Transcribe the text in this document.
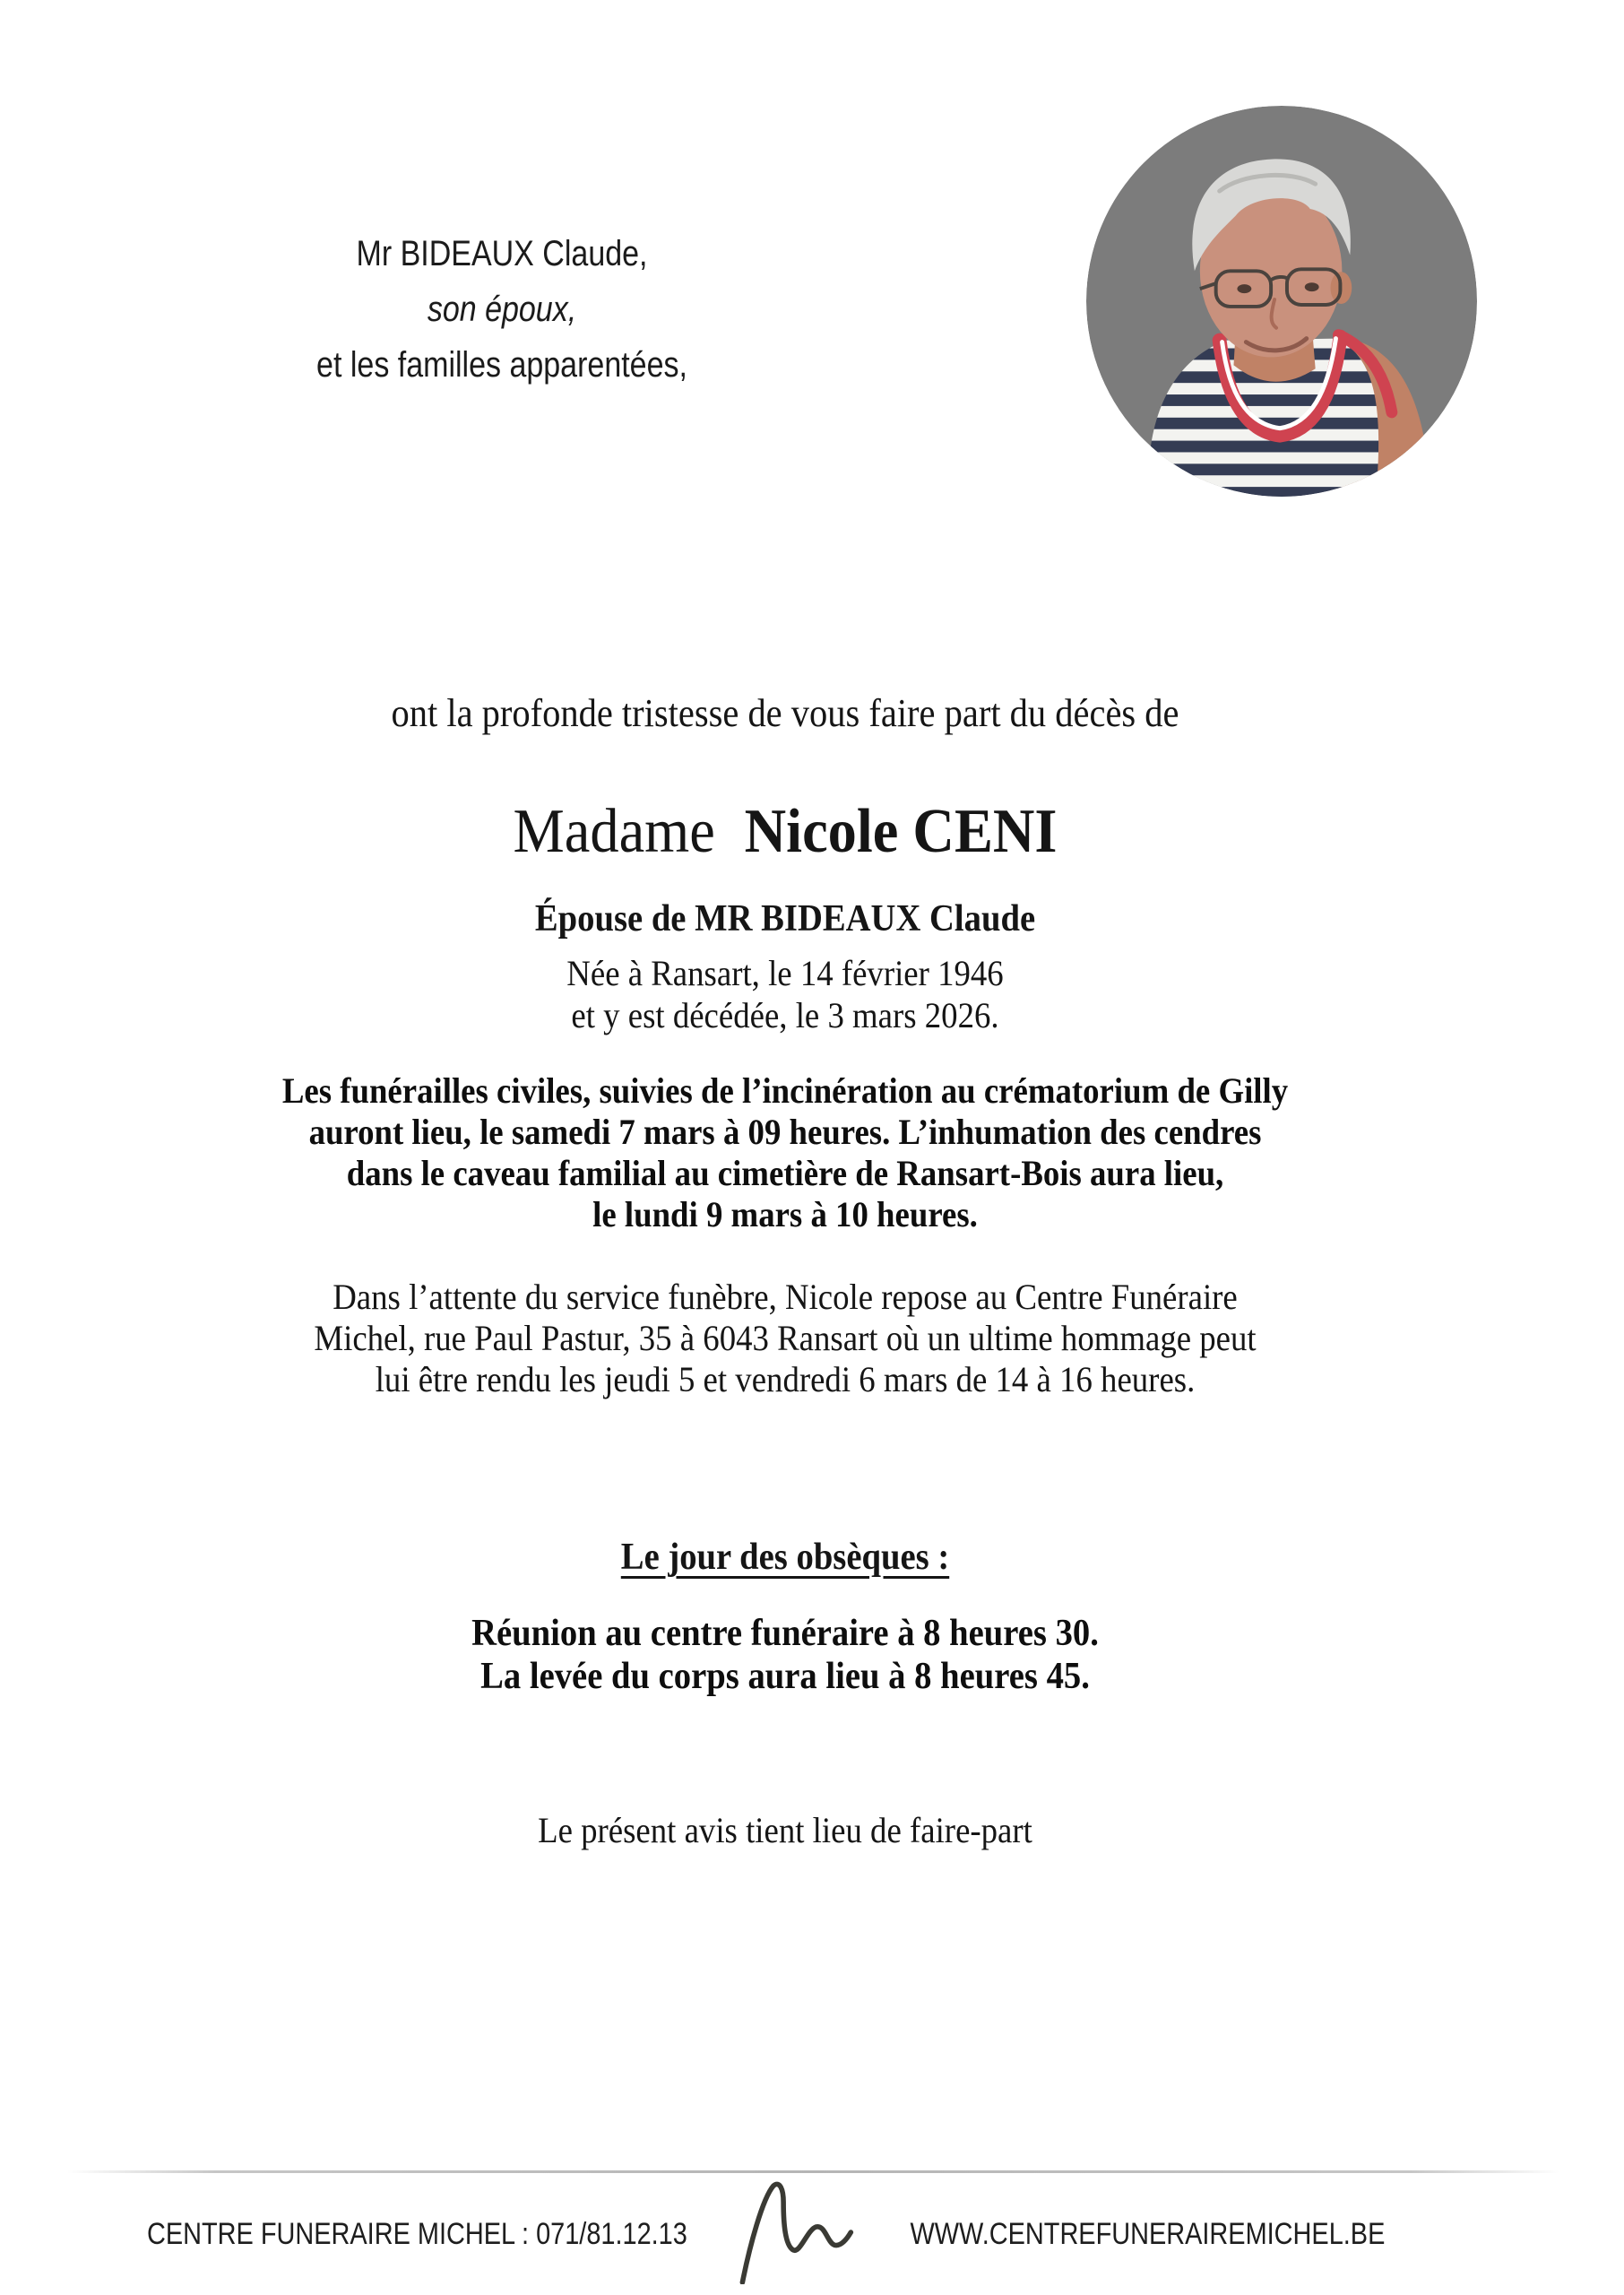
Mr BIDEAUX Claude,
son époux,
et les familles apparentées,
ont la profonde tristesse de vous faire part du décès de
Madame Nicole CENI
Épouse de MR BIDEAUX Claude
Née à Ransart, le 14 février 1946
et y est décédée, le 3 mars 2026.
Les funérailles civiles, suivies de l’incinération au crématorium de Gilly
auront lieu, le samedi 7 mars à 09 heures. L’inhumation des cendres
dans le caveau familial au cimetière de Ransart-Bois aura lieu,
le lundi 9 mars à 10 heures.
Dans l’attente du service funèbre, Nicole repose au Centre Funéraire
Michel, rue Paul Pastur, 35 à 6043 Ransart où un ultime hommage peut
lui être rendu les jeudi 5 et vendredi 6 mars de 14 à 16 heures.
Le jour des obsèques :
Réunion au centre funéraire à 8 heures 30.
La levée du corps aura lieu à 8 heures 45.
Le présent avis tient lieu de faire-part
CENTRE FUNERAIRE MICHEL : 071/81.12.13	WWW.CENTREFUNERAIREMICHEL.BE
